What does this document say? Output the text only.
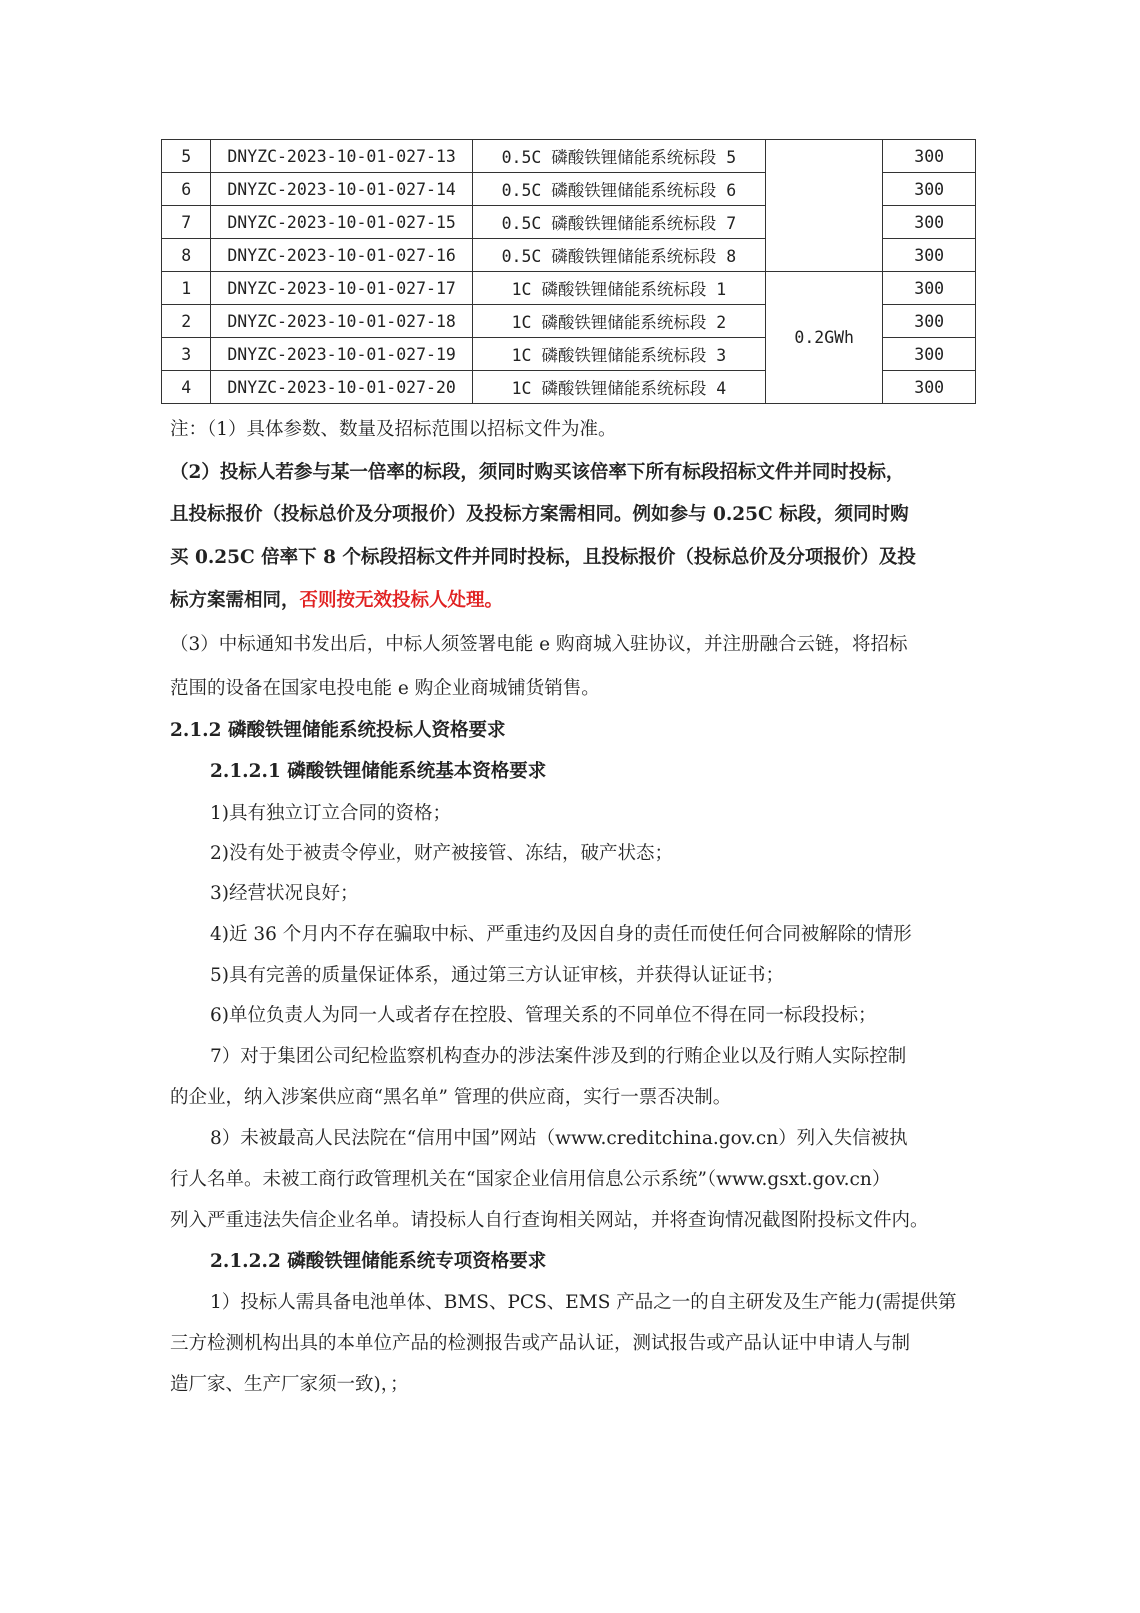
5	DNYZC-2023-10-01-027-13	0.5C 磷酸铁锂储能系统标段 5		300
6	DNYZC-2023-10-01-027-14	0.5C 磷酸铁锂储能系统标段 6		300
7	DNYZC-2023-10-01-027-15	0.5C 磷酸铁锂储能系统标段 7		300
8	DNYZC-2023-10-01-027-16	0.5C 磷酸铁锂储能系统标段 8		300
1	DNYZC-2023-10-01-027-17	1C 磷酸铁锂储能系统标段 1	0.2GWh	300
2	DNYZC-2023-10-01-027-18	1C 磷酸铁锂储能系统标段 2		300
3	DNYZC-2023-10-01-027-19	1C 磷酸铁锂储能系统标段 3		300
4	DNYZC-2023-10-01-027-20	1C 磷酸铁锂储能系统标段 4		300
注：（1）具体参数、数量及招标范围以招标文件为准。
（2）投标人若参与某一倍率的标段，须同时购买该倍率下所有标段招标文件并同时投标，
且投标报价（投标总价及分项报价）及投标方案需相同。例如参与 0.25C 标段，须同时购
买 0.25C 倍率下 8 个标段招标文件并同时投标，且投标报价（投标总价及分项报价）及投
标方案需相同，否则按无效投标人处理。
（3）中标通知书发出后，中标人须签署电能 e 购商城入驻协议，并注册融合云链，将招标
范围的设备在国家电投电能 e 购企业商城铺货销售。
2.1.2 磷酸铁锂储能系统投标人资格要求
2.1.2.1 磷酸铁锂储能系统基本资格要求
1)具有独立订立合同的资格；
2)没有处于被责令停业，财产被接管、冻结，破产状态；
3)经营状况良好；
4)近 36 个月内不存在骗取中标、严重违约及因自身的责任而使任何合同被解除的情形
5)具有完善的质量保证体系，通过第三方认证审核，并获得认证证书；
6)单位负责人为同一人或者存在控股、管理关系的不同单位不得在同一标段投标；
7）对于集团公司纪检监察机构查办的涉法案件涉及到的行贿企业以及行贿人实际控制
的企业，纳入涉案供应商“黑名单” 管理的供应商，实行一票否决制。
8）未被最高人民法院在“信用中国”网站（www.creditchina.gov.cn）列入失信被执
行人名单。未被工商行政管理机关在“国家企业信用信息公示系统”（www.gsxt.gov.cn）
列入严重违法失信企业名单。请投标人自行查询相关网站，并将查询情况截图附投标文件内。
2.1.2.2 磷酸铁锂储能系统专项资格要求
1）投标人需具备电池单体、BMS、PCS、EMS 产品之一的自主研发及生产能力(需提供第
三方检测机构出具的本单位产品的检测报告或产品认证，测试报告或产品认证中申请人与制
造厂家、生产厂家须一致)，；
